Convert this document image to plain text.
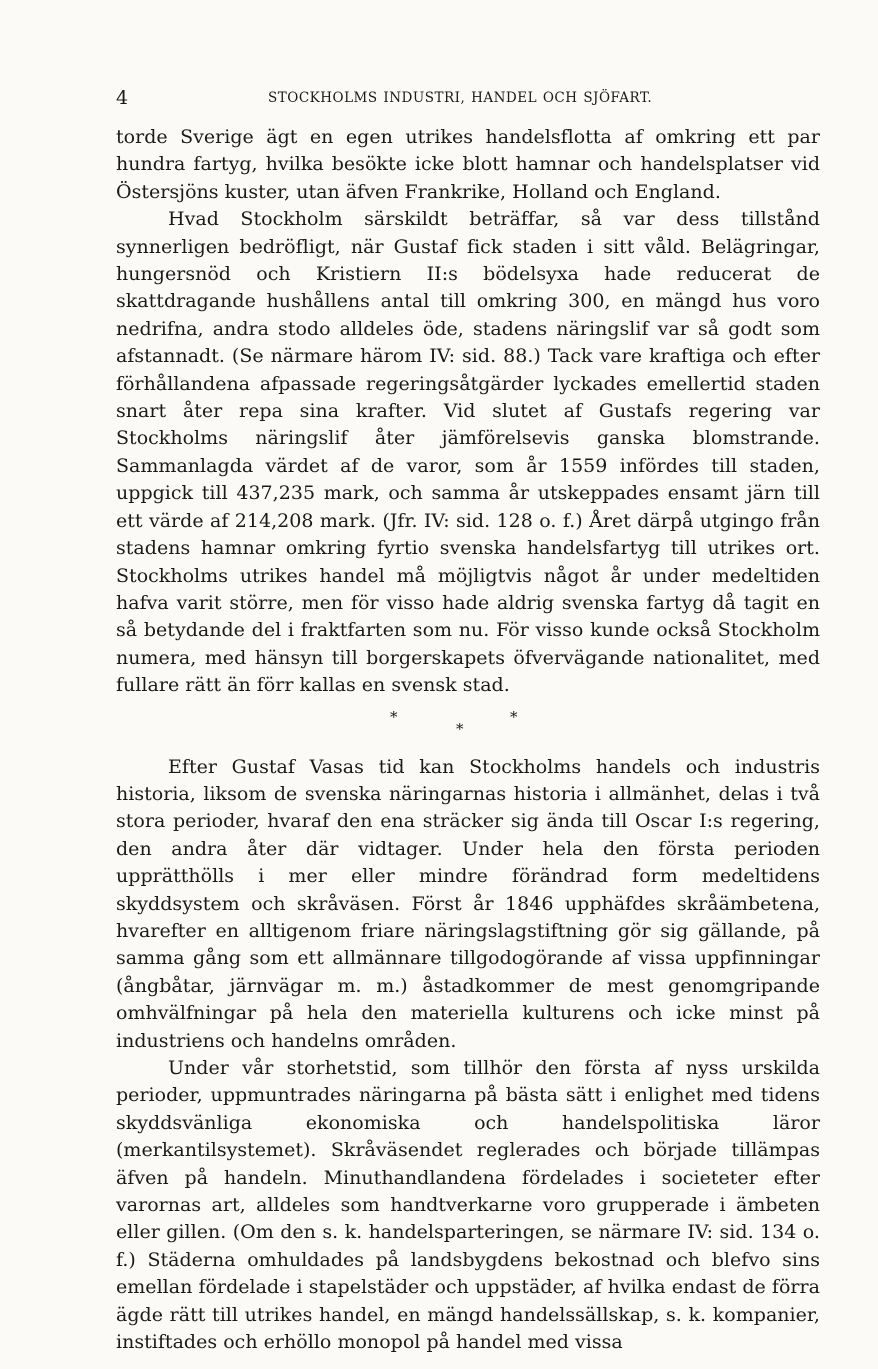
4	STOCKHOLMS INDUSTRI, HANDEL OCH SJÖFART.

torde Sverige ägt en egen utrikes handelsflotta af omkring ett par hundra fartyg, hvilka besökte icke blott hamnar och handelsplatser vid Östersjöns kuster, utan äfven Frankrike, Holland och England.

Hvad Stockholm särskildt beträffar, så var dess tillstånd synnerligen bedröfligt, när Gustaf fick staden i sitt våld. Belägringar, hungersnöd och Kristiern II:s bödelsyxa hade reducerat de skattdragande hushållens antal till omkring 300, en mängd hus voro nedrifna, andra stodo alldeles öde, stadens näringslif var så godt som afstannadt. (Se närmare härom IV: sid. 88.) Tack vare kraftiga och efter förhållandena afpassade regeringsåtgärder lyckades emellertid staden snart åter repa sina krafter. Vid slutet af Gustafs regering var Stockholms näringslif åter jämförelsevis ganska blomstrande. Sammanlagda värdet af de varor, som år 1559 infördes till staden, uppgick till 437,235 mark, och samma år utskeppades ensamt järn till ett värde af 214,208 mark. (Jfr. IV: sid. 128 o. f.) Året därpå utgingo från stadens hamnar omkring fyrtio svenska handelsfartyg till utrikes ort. Stockholms utrikes handel må möjligtvis något år under medeltiden hafva varit större, men för visso hade aldrig svenska fartyg då tagit en så betydande del i fraktfarten som nu. För visso kunde också Stockholm numera, med hänsyn till borgerskapets öfvervägande nationalitet, med fullare rätt än förr kallas en svensk stad.

*	*
*

Efter Gustaf Vasas tid kan Stockholms handels och industris historia, liksom de svenska näringarnas historia i allmänhet, delas i två stora perioder, hvaraf den ena sträcker sig ända till Oscar I:s regering, den andra åter där vidtager. Under hela den första perioden upprätthölls i mer eller mindre förändrad form medeltidens skyddsystem och skråväsen. Först år 1846 upphäfdes skråämbetena, hvarefter en alltigenom friare näringslagstiftning gör sig gällande, på samma gång som ett allmännare tillgodogörande af vissa uppfinningar (ångbåtar, järnvägar m. m.) åstadkommer de mest genomgripande omhvälfningar på hela den materiella kulturens och icke minst på industriens och handelns områden.

Under vår storhetstid, som tillhör den första af nyss urskilda perioder, uppmuntrades näringarna på bästa sätt i enlighet med tidens skyddsvänliga ekonomiska och handelspolitiska läror (merkantilsystemet). Skråväsendet reglerades och började tillämpas äfven på handeln. Minuthandlandena fördelades i societeter efter varornas art, alldeles som handtverkarne voro grupperade i ämbeten eller gillen. (Om den s. k. handelsparteringen, se närmare IV: sid. 134 o. f.) Städerna omhuldades på landsbygdens bekostnad och blefvo sins emellan fördelade i stapelstäder och uppstäder, af hvilka endast de förra ägde rätt till utrikes handel, en mängd handelssällskap, s. k. kompanier, instiftades och erhöllo monopol på handel med vissa
